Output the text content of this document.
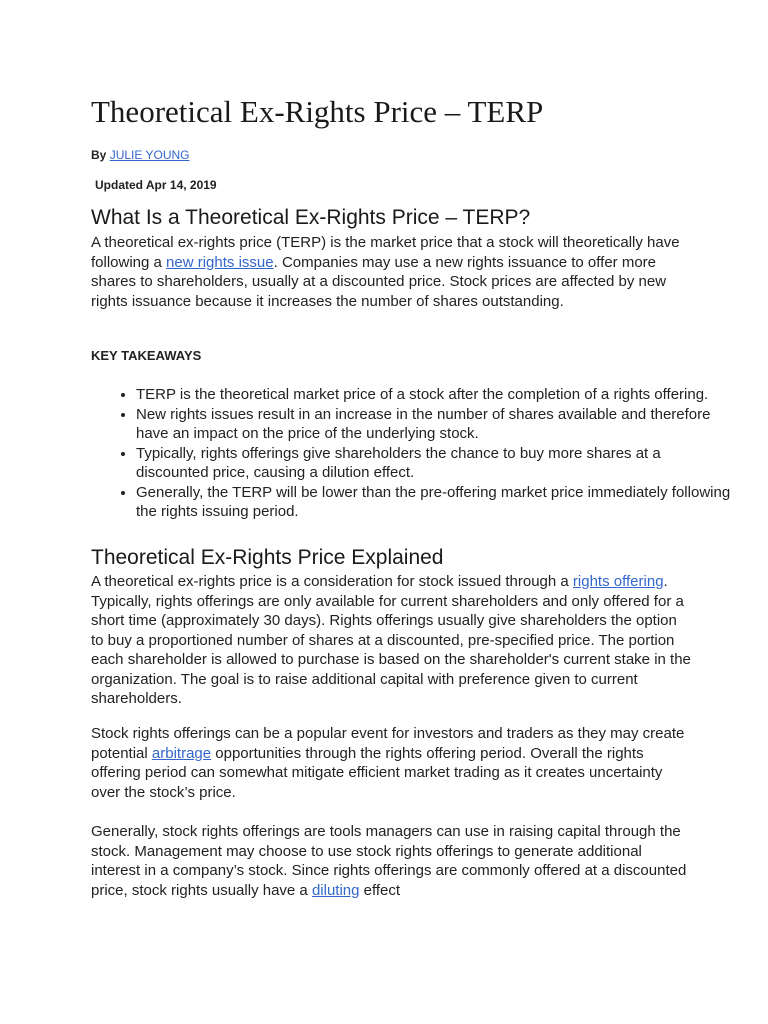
Theoretical Ex-Rights Price – TERP
By JULIE YOUNG
Updated Apr 14, 2019
What Is a Theoretical Ex-Rights Price – TERP?

A theoretical ex-rights price (TERP) is the market price that a stock will theoretically have following a new rights issue. Companies may use a new rights issuance to offer more shares to shareholders, usually at a discounted price. Stock prices are affected by new rights issuance because it increases the number of shares outstanding.

KEY TAKEAWAYS
• TERP is the theoretical market price of a stock after the completion of a rights offering.
• New rights issues result in an increase in the number of shares available and therefore have an impact on the price of the underlying stock.
• Typically, rights offerings give shareholders the chance to buy more shares at a discounted price, causing a dilution effect.
• Generally, the TERP will be lower than the pre-offering market price immediately following the rights issuing period.
Theoretical Ex-Rights Price Explained

A theoretical ex-rights price is a consideration for stock issued through a rights offering. Typically, rights offerings are only available for current shareholders and only offered for a short time (approximately 30 days). Rights offerings usually give shareholders the option to buy a proportioned number of shares at a discounted, pre-specified price. The portion each shareholder is allowed to purchase is based on the shareholder's current stake in the organization. The goal is to raise additional capital with preference given to current shareholders.

Stock rights offerings can be a popular event for investors and traders as they may create potential arbitrage opportunities through the rights offering period. Overall the rights offering period can somewhat mitigate efficient market trading as it creates uncertainty over the stock’s price.

Generally, stock rights offerings are tools managers can use in raising capital through the stock. Management may choose to use stock rights offerings to generate additional interest in a company’s stock. Since rights offerings are commonly offered at a discounted price, stock rights usually have a diluting effect
